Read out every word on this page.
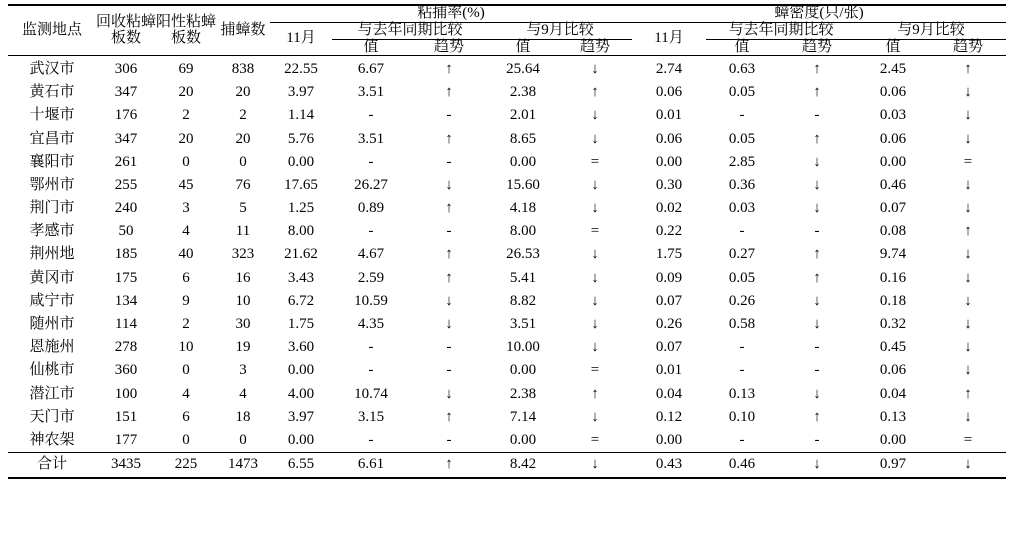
监测地点	回收粘蟑板数	阳性粘蟑板数	捕蟑数	粘捕率(%)					蟑密度(只/张)				
				11月	与去年同期比较		与9月比较		11月	与去年同期比较		与9月比较	
					值	趋势	值	趋势		值	趋势	值	趋势
武汉市	306	69	838	22.55	6.67	↑	25.64	↓	2.74	0.63	↑	2.45	↑
黄石市	347	20	20	3.97	3.51	↑	2.38	↑	0.06	0.05	↑	0.06	↓
十堰市	176	2	2	1.14	-	-	2.01	↓	0.01	-	-	0.03	↓
宜昌市	347	20	20	5.76	3.51	↑	8.65	↓	0.06	0.05	↑	0.06	↓
襄阳市	261	0	0	0.00	-	-	0.00	=	0.00	2.85	↓	0.00	=
鄂州市	255	45	76	17.65	26.27	↓	15.60	↓	0.30	0.36	↓	0.46	↓
荆门市	240	3	5	1.25	0.89	↑	4.18	↓	0.02	0.03	↓	0.07	↓
孝感市	50	4	11	8.00	-	-	8.00	=	0.22	-	-	0.08	↑
荆州地	185	40	323	21.62	4.67	↑	26.53	↓	1.75	0.27	↑	9.74	↓
黄冈市	175	6	16	3.43	2.59	↑	5.41	↓	0.09	0.05	↑	0.16	↓
咸宁市	134	9	10	6.72	10.59	↓	8.82	↓	0.07	0.26	↓	0.18	↓
随州市	114	2	30	1.75	4.35	↓	3.51	↓	0.26	0.58	↓	0.32	↓
恩施州	278	10	19	3.60	-	-	10.00	↓	0.07	-	-	0.45	↓
仙桃市	360	0	3	0.00	-	-	0.00	=	0.01	-	-	0.06	↓
潜江市	100	4	4	4.00	10.74	↓	2.38	↑	0.04	0.13	↓	0.04	↑
天门市	151	6	18	3.97	3.15	↑	7.14	↓	0.12	0.10	↑	0.13	↓
神农架	177	0	0	0.00	-	-	0.00	=	0.00	-	-	0.00	=
合计	3435	225	1473	6.55	6.61	↑	8.42	↓	0.43	0.46	↓	0.97	↓
